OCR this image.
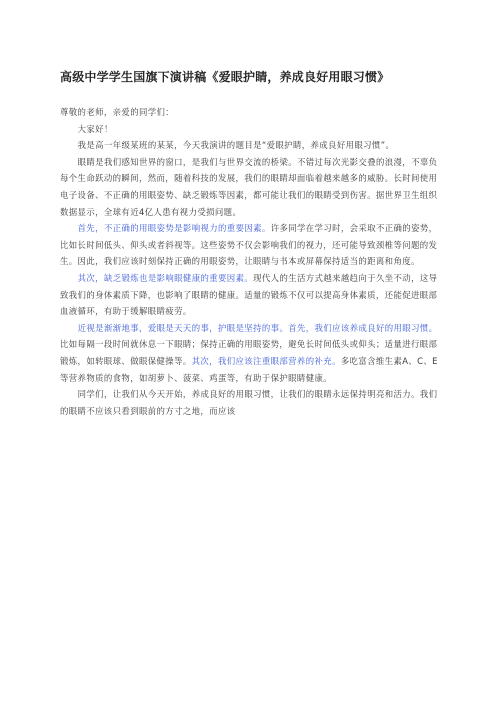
高级中学学生国旗下演讲稿《爱眼护睛，养成良好用眼习惯》

尊敬的老师，亲爱的同学们：

大家好！

我是高一年级某班的某某，今天我演讲的题目是“爱眼护睛，养成良好用眼习惯”。

眼睛是我们感知世界的窗口，是我们与世界交流的桥梁。不错过每次光影交叠的浪漫，不辜负每个生命跃动的瞬间，然而，随着科技的发展，我们的眼睛却面临着越来越多的威胁。长时间使用电子设备、不正确的用眼姿势、缺乏锻炼等因素，都可能让我们的眼睛受到伤害。据世界卫生组织数据显示，全球有近4亿人患有视力受损问题。

首先，不正确的用眼姿势是影响视力的重要因素。许多同学在学习时，会采取不正确的姿势，比如长时间低头、仰头或者斜视等。这些姿势不仅会影响我们的视力，还可能导致颈椎等问题的发生。因此，我们应该时刻保持正确的用眼姿势，让眼睛与书本或屏幕保持适当的距离和角度。

其次，缺乏锻炼也是影响眼健康的重要因素。现代人的生活方式越来越趋向于久坐不动，这导致我们的身体素质下降，也影响了眼睛的健康。适量的锻炼不仅可以提高身体素质，还能促进眼部血液循环，有助于缓解眼睛疲劳。

近视是渐渐地事，爱眼是天天的事，护眼是坚持的事。首先，我们应该养成良好的用眼习惯。比如每隔一段时间就休息一下眼睛；保持正确的用眼姿势，避免长时间低头或仰头；适量进行眼部锻炼，如转眼球、做眼保健操等。其次，我们应该注重眼部营养的补充。多吃富含维生素A、C、E等营养物质的食物，如胡萝卜、菠菜、鸡蛋等，有助于保护眼睛健康。

同学们，让我们从今天开始，养成良好的用眼习惯，让我们的眼睛永远保持明亮和活力。我们的眼睛不应该只看到眼前的方寸之地，而应该
